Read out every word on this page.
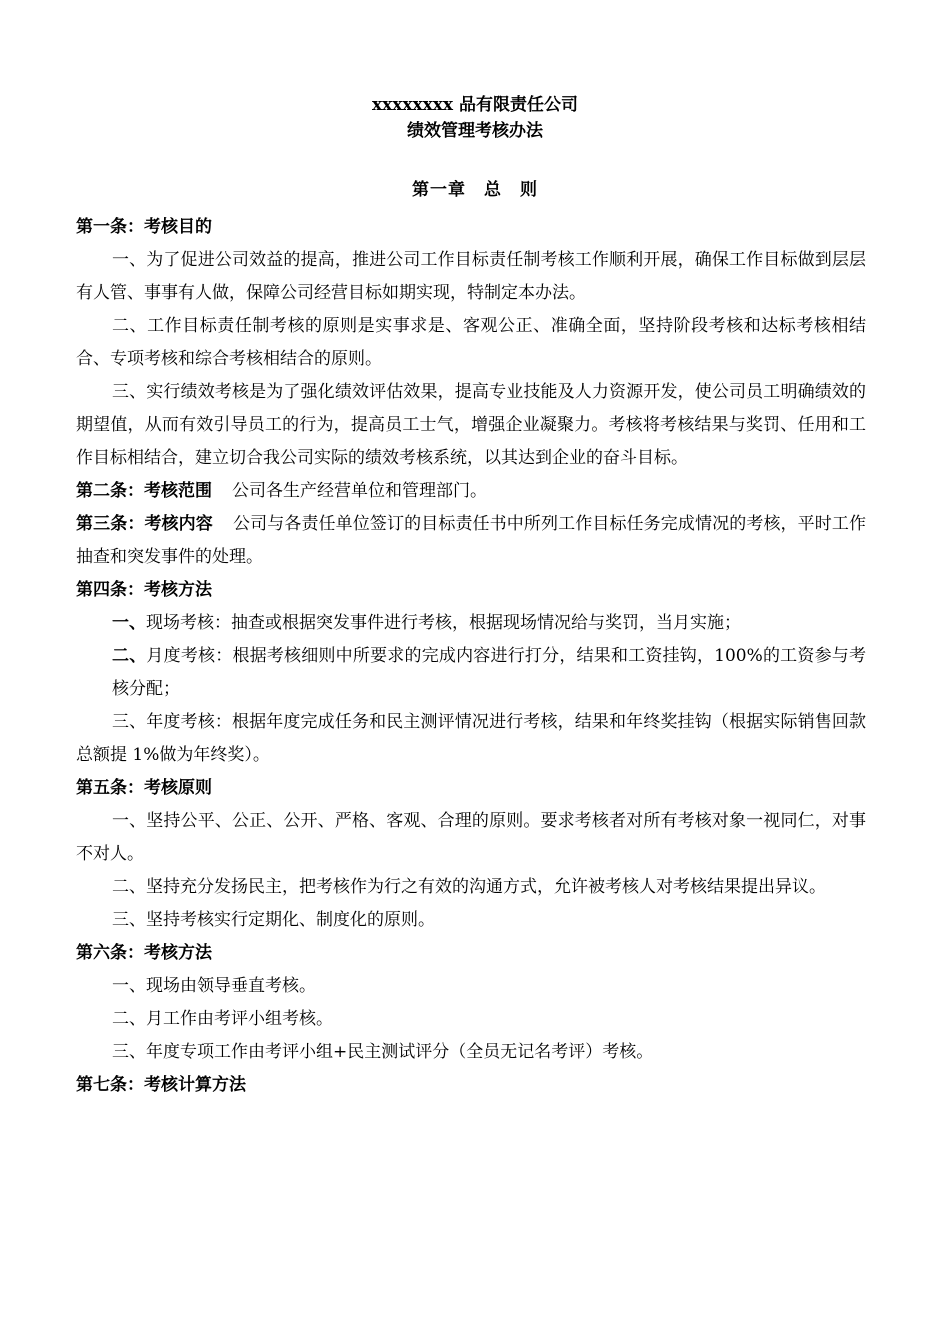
xxxxxxxx 品有限责任公司

绩效管理考核办法

第一章　总　则

第一条：考核目的

一、为了促进公司效益的提高，推进公司工作目标责任制考核工作顺利开展，确保工作目标做到层层有人管、事事有人做，保障公司经营目标如期实现，特制定本办法。

二、工作目标责任制考核的原则是实事求是、客观公正、准确全面，坚持阶段考核和达标考核相结合、专项考核和综合考核相结合的原则。

三、实行绩效考核是为了强化绩效评估效果，提高专业技能及人力资源开发，使公司员工明确绩效的期望值，从而有效引导员工的行为，提高员工士气，增强企业凝聚力。考核将考核结果与奖罚、任用和工作目标相结合，建立切合我公司实际的绩效考核系统，以其达到企业的奋斗目标。

第二条：考核范围 公司各生产经营单位和管理部门。

第三条：考核内容 公司与各责任单位签订的目标责任书中所列工作目标任务完成情况的考核，平时工作抽查和突发事件的处理。

第四条：考核方法

一、现场考核：抽查或根据突发事件进行考核，根据现场情况给与奖罚，当月实施；

二、月度考核：根据考核细则中所要求的完成内容进行打分，结果和工资挂钩，100%的工资参与考核分配；

三、年度考核：根据年度完成任务和民主测评情况进行考核，结果和年终奖挂钩（根据实际销售回款总额提 1%做为年终奖）。

第五条：考核原则

一、坚持公平、公正、公开、严格、客观、合理的原则。要求考核者对所有考核对象一视同仁，对事不对人。

二、坚持充分发扬民主，把考核作为行之有效的沟通方式，允许被考核人对考核结果提出异议。

三、坚持考核实行定期化、制度化的原则。

第六条：考核方法

一、现场由领导垂直考核。

二、月工作由考评小组考核。

三、年度专项工作由考评小组+民主测试评分（全员无记名考评）考核。

第七条：考核计算方法
